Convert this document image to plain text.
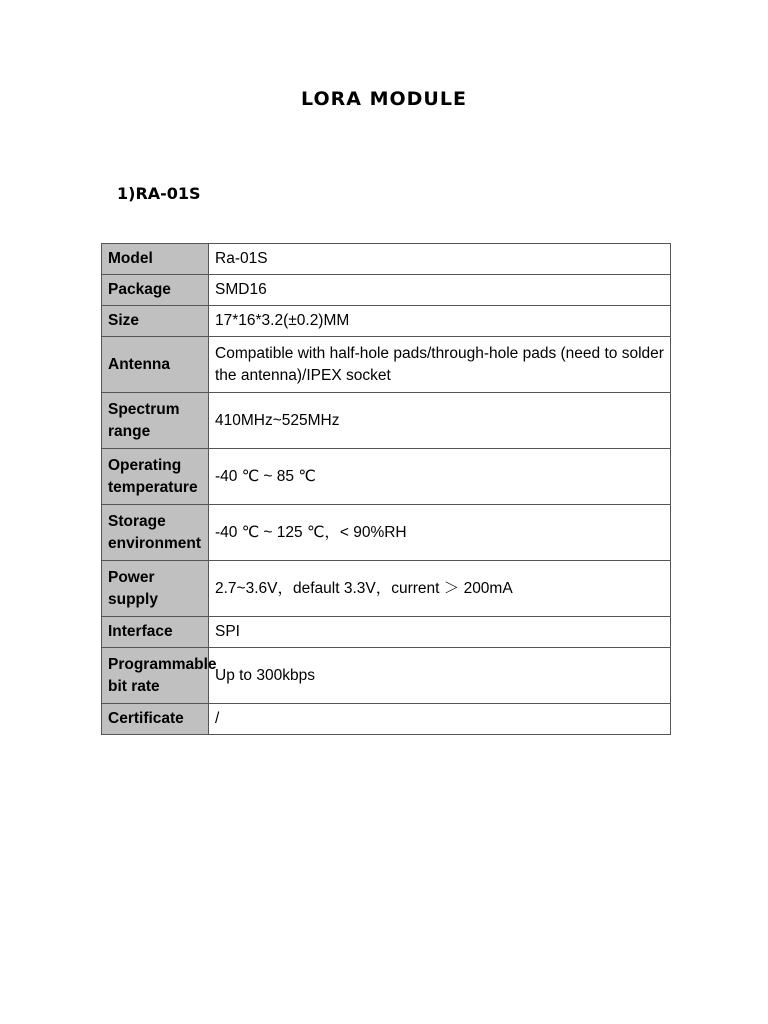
LORA MODULE
1)RA-01S
Model	Ra-01S
Package	SMD16
Size	17*16*3.2(±0.2)MM
Antenna	Compatible with half-hole pads/through-hole pads (need to solder the antenna)/IPEX socket
Spectrum range	410MHz~525MHz
Operating temperature	-40 ℃ ~ 85 ℃
Storage environment	-40 ℃ ~ 125 ℃，< 90%RH
Power supply	2.7~3.6V，default 3.3V，current ＞ 200mA
Interface	SPI
Programmable bit rate	Up to 300kbps
Certificate	/
